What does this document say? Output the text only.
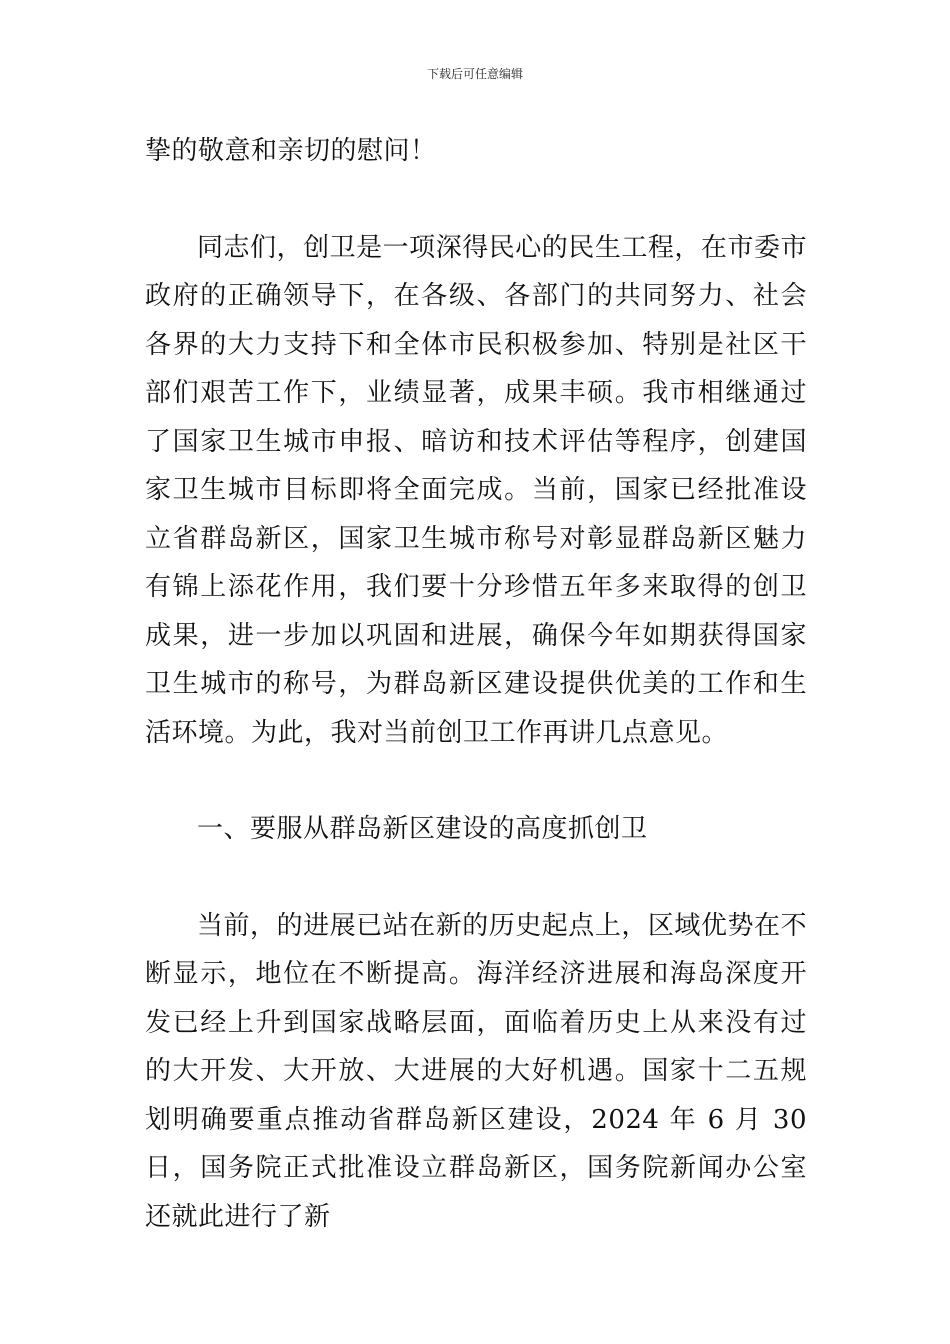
下载后可任意编辑

挚的敬意和亲切的慰问！

同志们，创卫是一项深得民心的民生工程，在市委市政府的正确领导下，在各级、各部门的共同努力、社会各界的大力支持下和全体市民积极参加、特别是社区干部们艰苦工作下，业绩显著，成果丰硕。我市相继通过了国家卫生城市申报、暗访和技术评估等程序，创建国家卫生城市目标即将全面完成。当前，国家已经批准设立省群岛新区，国家卫生城市称号对彰显群岛新区魅力有锦上添花作用，我们要十分珍惜五年多来取得的创卫成果，进一步加以巩固和进展，确保今年如期获得国家卫生城市的称号，为群岛新区建设提供优美的工作和生活环境。为此，我对当前创卫工作再讲几点意见。

一、要服从群岛新区建设的高度抓创卫

当前，的进展已站在新的历史起点上，区域优势在不断显示，地位在不断提高。海洋经济进展和海岛深度开发已经上升到国家战略层面，面临着历史上从来没有过的大开发、大开放、大进展的大好机遇。国家十二五规划明确要重点推动省群岛新区建设，2024 年 6 月 30 日，国务院正式批准设立群岛新区，国务院新闻办公室还就此进行了新
